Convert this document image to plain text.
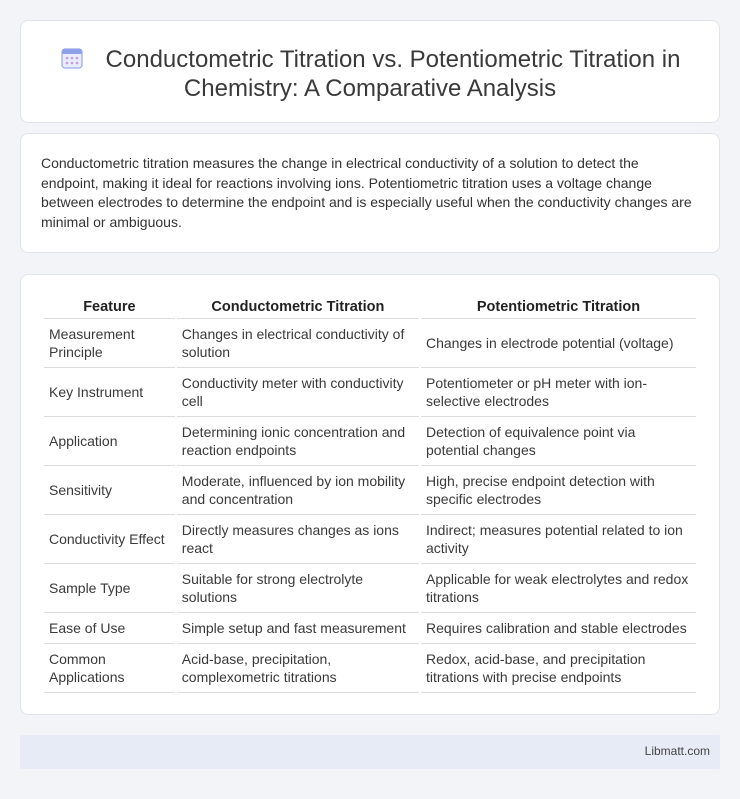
Conductometric Titration vs. Potentiometric Titration in
Chemistry: A Comparative Analysis

Conductometric titration measures the change in electrical conductivity of a solution to detect the endpoint, making it ideal for reactions involving ions. Potentiometric titration uses a voltage change between electrodes to determine the endpoint and is especially useful when the conductivity changes are minimal or ambiguous.

Feature	Conductometric Titration	Potentiometric Titration
Measurement Principle	Changes in electrical conductivity of solution	Changes in electrode potential (voltage)
Key Instrument	Conductivity meter with conductivity cell	Potentiometer or pH meter with ion-selective electrodes
Application	Determining ionic concentration and reaction endpoints	Detection of equivalence point via potential changes
Sensitivity	Moderate, influenced by ion mobility and concentration	High, precise endpoint detection with specific electrodes
Conductivity Effect	Directly measures changes as ions react	Indirect; measures potential related to ion activity
Sample Type	Suitable for strong electrolyte solutions	Applicable for weak electrolytes and redox titrations
Ease of Use	Simple setup and fast measurement	Requires calibration and stable electrodes
Common Applications	Acid-base, precipitation, complexometric titrations	Redox, acid-base, and precipitation titrations with precise endpoints
Libmatt.com
